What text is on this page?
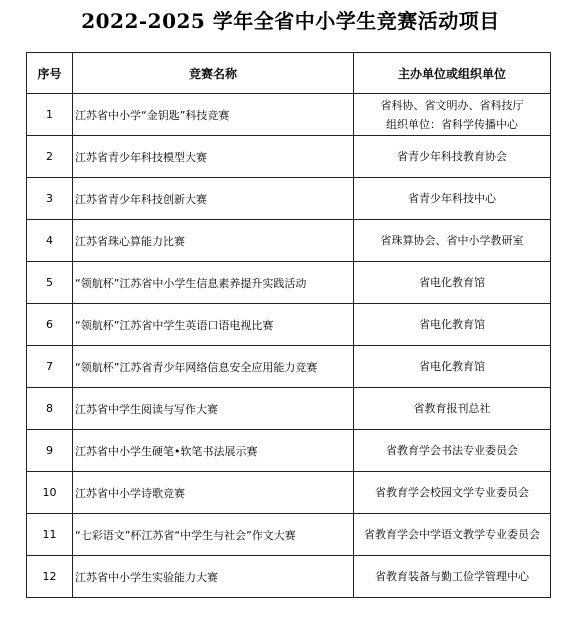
2022-2025 学年全省中小学生竞赛活动项目
序号	竞赛名称	主办单位或组织单位
1	江苏省中小学“金钥匙”科技竞赛	省科协、省文明办、省科技厅
组织单位：省科学传播中心

2	江苏省青少年科技模型大赛	省青少年科技教育协会

3	江苏省青少年科技创新大赛	省青少年科技中心

4	江苏省珠心算能力比赛	省珠算协会、省中小学教研室

5	“领航杯”江苏省中小学生信息素养提升实践活动	省电化教育馆

6	“领航杯”江苏省中学生英语口语电视比赛	省电化教育馆

7	“领航杯”江苏省青少年网络信息安全应用能力竞赛	省电化教育馆

8	江苏省中学生阅读与写作大赛	省教育报刊总社

9	江苏省中小学生硬笔•软笔书法展示赛	省教育学会书法专业委员会

10	江苏省中小学诗歌竞赛	省教育学会校园文学专业委员会

11	“七彩语文”杯江苏省“中学生与社会”作文大赛	省教育学会中学语文教学专业委员会

12	江苏省中小学生实验能力大赛	省教育装备与勤工俭学管理中心
